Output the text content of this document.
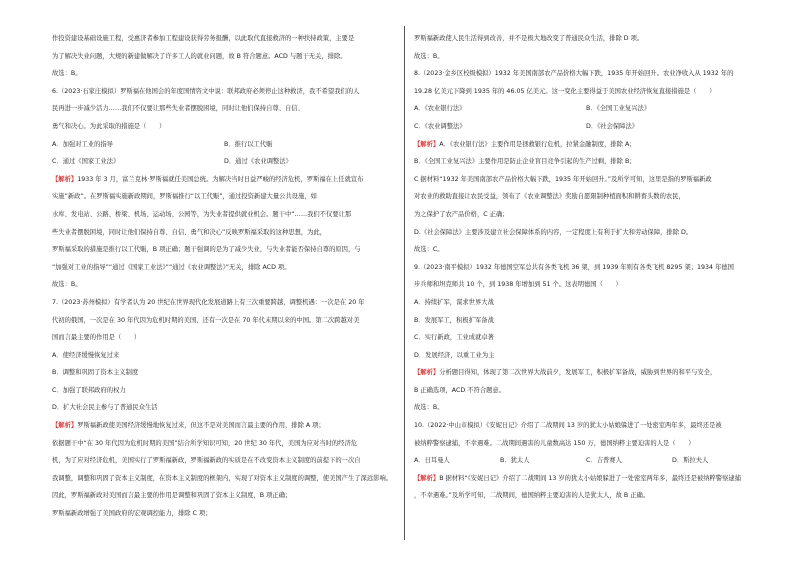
作投资建设基础设施工程，受惠济者参加工程建设获得劳务报酬，以此取代直接救济的一种扶持政策，主要是
为了解决失业问题，大规的新建做解决了许多工人的就业问题，故 B 符合题意。ACD 与题干无关，排除。
故选：B。
6.（2023·石家庄模拟）罗斯福在他国会的年度国情咨文中说：联邦政府必须停止这种救济，我不希望我们的人
民再进一步减少活力……我们不仅要让那些失业者摆脱困境，同时让他们保持自尊、自信、
勇气和决心。为此采取的措施是（　　）
A．加强对工业的指导	B．推行以工代赈
C．通过《国家工业法》	D．通过《农业调整法》
【解析】1933 年 3 月，富兰克林·罗斯福就任美国总统。为解决当时日益严峻的经济危机，罗斯福在上任就宣布
实施“新政”。在罗斯福实施新政期间，罗斯福推行“以工代赈”，通过投资新建大量公共设施，如
水库、发电站、公路、桥梁、机场、运动场、公园等，为失业者提供就业机会。题干中“……我们不仅要让那
些失业者摆脱困境，同时让他们保持自尊、自信、勇气和决心”反映罗斯福采取的这种思想，为此，
罗斯福采取的措施是推行以工代赈，B 项正确；题干强调的是为了减少失业，与失业者能否保持自尊的原因，与
“加强对工业的指导”“通过《国家工业法》”“通过《农业调整法》”无关，排除 ACD 项。
故选：B。
7.（2023·苏州模拟）有学者认为 20 世纪在世界现代化发展道路上有三次重要跨越，调整机遇：一次是在 20 年
代初的俄国，一次是在 30 年代因为危机时期的美国，还有一次是在 70 年代末期以来的中国。第二次跨越对美
国而言最主要的作用是（　　）
A．使经济缓慢恢复过来
B．调整和巩固了资本主义制度
C．加强了联邦政府的权力
D．扩大社会民主参与了普通民众生活
【解析】罗斯福新政使美国经济缓慢地恢复过来，但这不是对美国而言最主要的作用，排除 A 项；
依据题干中“在 30 年代因为危机时期的美国”结合所学知识可知，20 世纪 30 年代，美国为应对当时的经济危
机，为了应对经济危机，美国实行了罗斯福新政，罗斯福新政的实质是在不改变资本主义制度的前提下的一次自
我调整，调整和巩固了资本主义制度，在资本主义制度的框架内，实现了对资本主义制度的调整，使美国产生了深远影响。
因此，罗斯福新政对美国而言最主要的作用是调整和巩固了资本主义制度，B 项正确；
罗斯福新政增强了美国政府的宏观调控能力，排除 C 项；
罗斯福新政使人民生活得到改善，并不是极大地改变了普通民众生活，排除 D 项。
故选：B。
8.（2023·金乡区校级模拟）1932 年美国南部农产品价格大幅下跌，1935 年开始回升。农业净收入从 1932 年的
19.28 亿美元下降到 1935 年的 46.05 亿美元。这一变化主要得益于美国农业经济恢复直接措施是（　　）
A．《农业银行法》	B．《全国工业复兴法》
C．《农业调整法》	D．《社会保障法》
【解析】A．《农业银行法》主要作用是拯救银行危机，拉紧金融制度，排除 A；
B．《全国工业复兴法》主要作用是防止企业盲目竞争引起的生产过剩，排除 B；
C 据材料“1932 年美国南部农产品价格大幅下跌，1935 年开始回升。”及所学可知，这里是指的罗斯福新政
对农业的救助直接让农民受益，领布了《农业调整法》奖励自愿限制种植面积和耕畜头数的农民，
为之保护了农产品价格，C 正确；
D.《社会保障法》主要涉及建立社会保障体系的内容，一定程度上有利于扩大和劳动保障，排除 D。
故选：C。
9.（2023·南平模拟）1932 年德国空军总共有各类飞机 36 架，到 1939 年则有各类飞机 8295 架；1934 年德国
步兵师和坦克师共 10 个，到 1938 年增加到 51 个。这表明德国（　　）
A．持续扩军，谋求世界大战
B．发展军工，积极扩军备战
C．实行新政，工业成就卓著
D．发展经济，以重工业为主
【解析】分析题目得知，体现了第二次世界大战前夕，发展军工，积极扩军备战，威胁到世界的和平与安全，
B 正确选项，ACD 不符合题意。
故选：B。
10.（2022·中山市模拟）《安妮日记》介绍了二战期间 13 岁的犹太小姑娘躲进了一处密室两年多，最终还是被
被纳粹警察逮捕，不幸遇难。二战期间遇害的儿童数高达 150 万，德国纳粹主要迫害的人是（　　）
A．日耳曼人	B．犹太人	C．吉普赛人	D．斯拉夫人
【解析】B 据材料“《安妮日记》介绍了二战期间 13 岁的犹太小姑娘躲进了一处密室两年多，最终还是被纳粹警察逮捕
，不幸遇难。”及所学可知，二战期间，德国纳粹主要迫害的人是犹太人，故 B 正确。
